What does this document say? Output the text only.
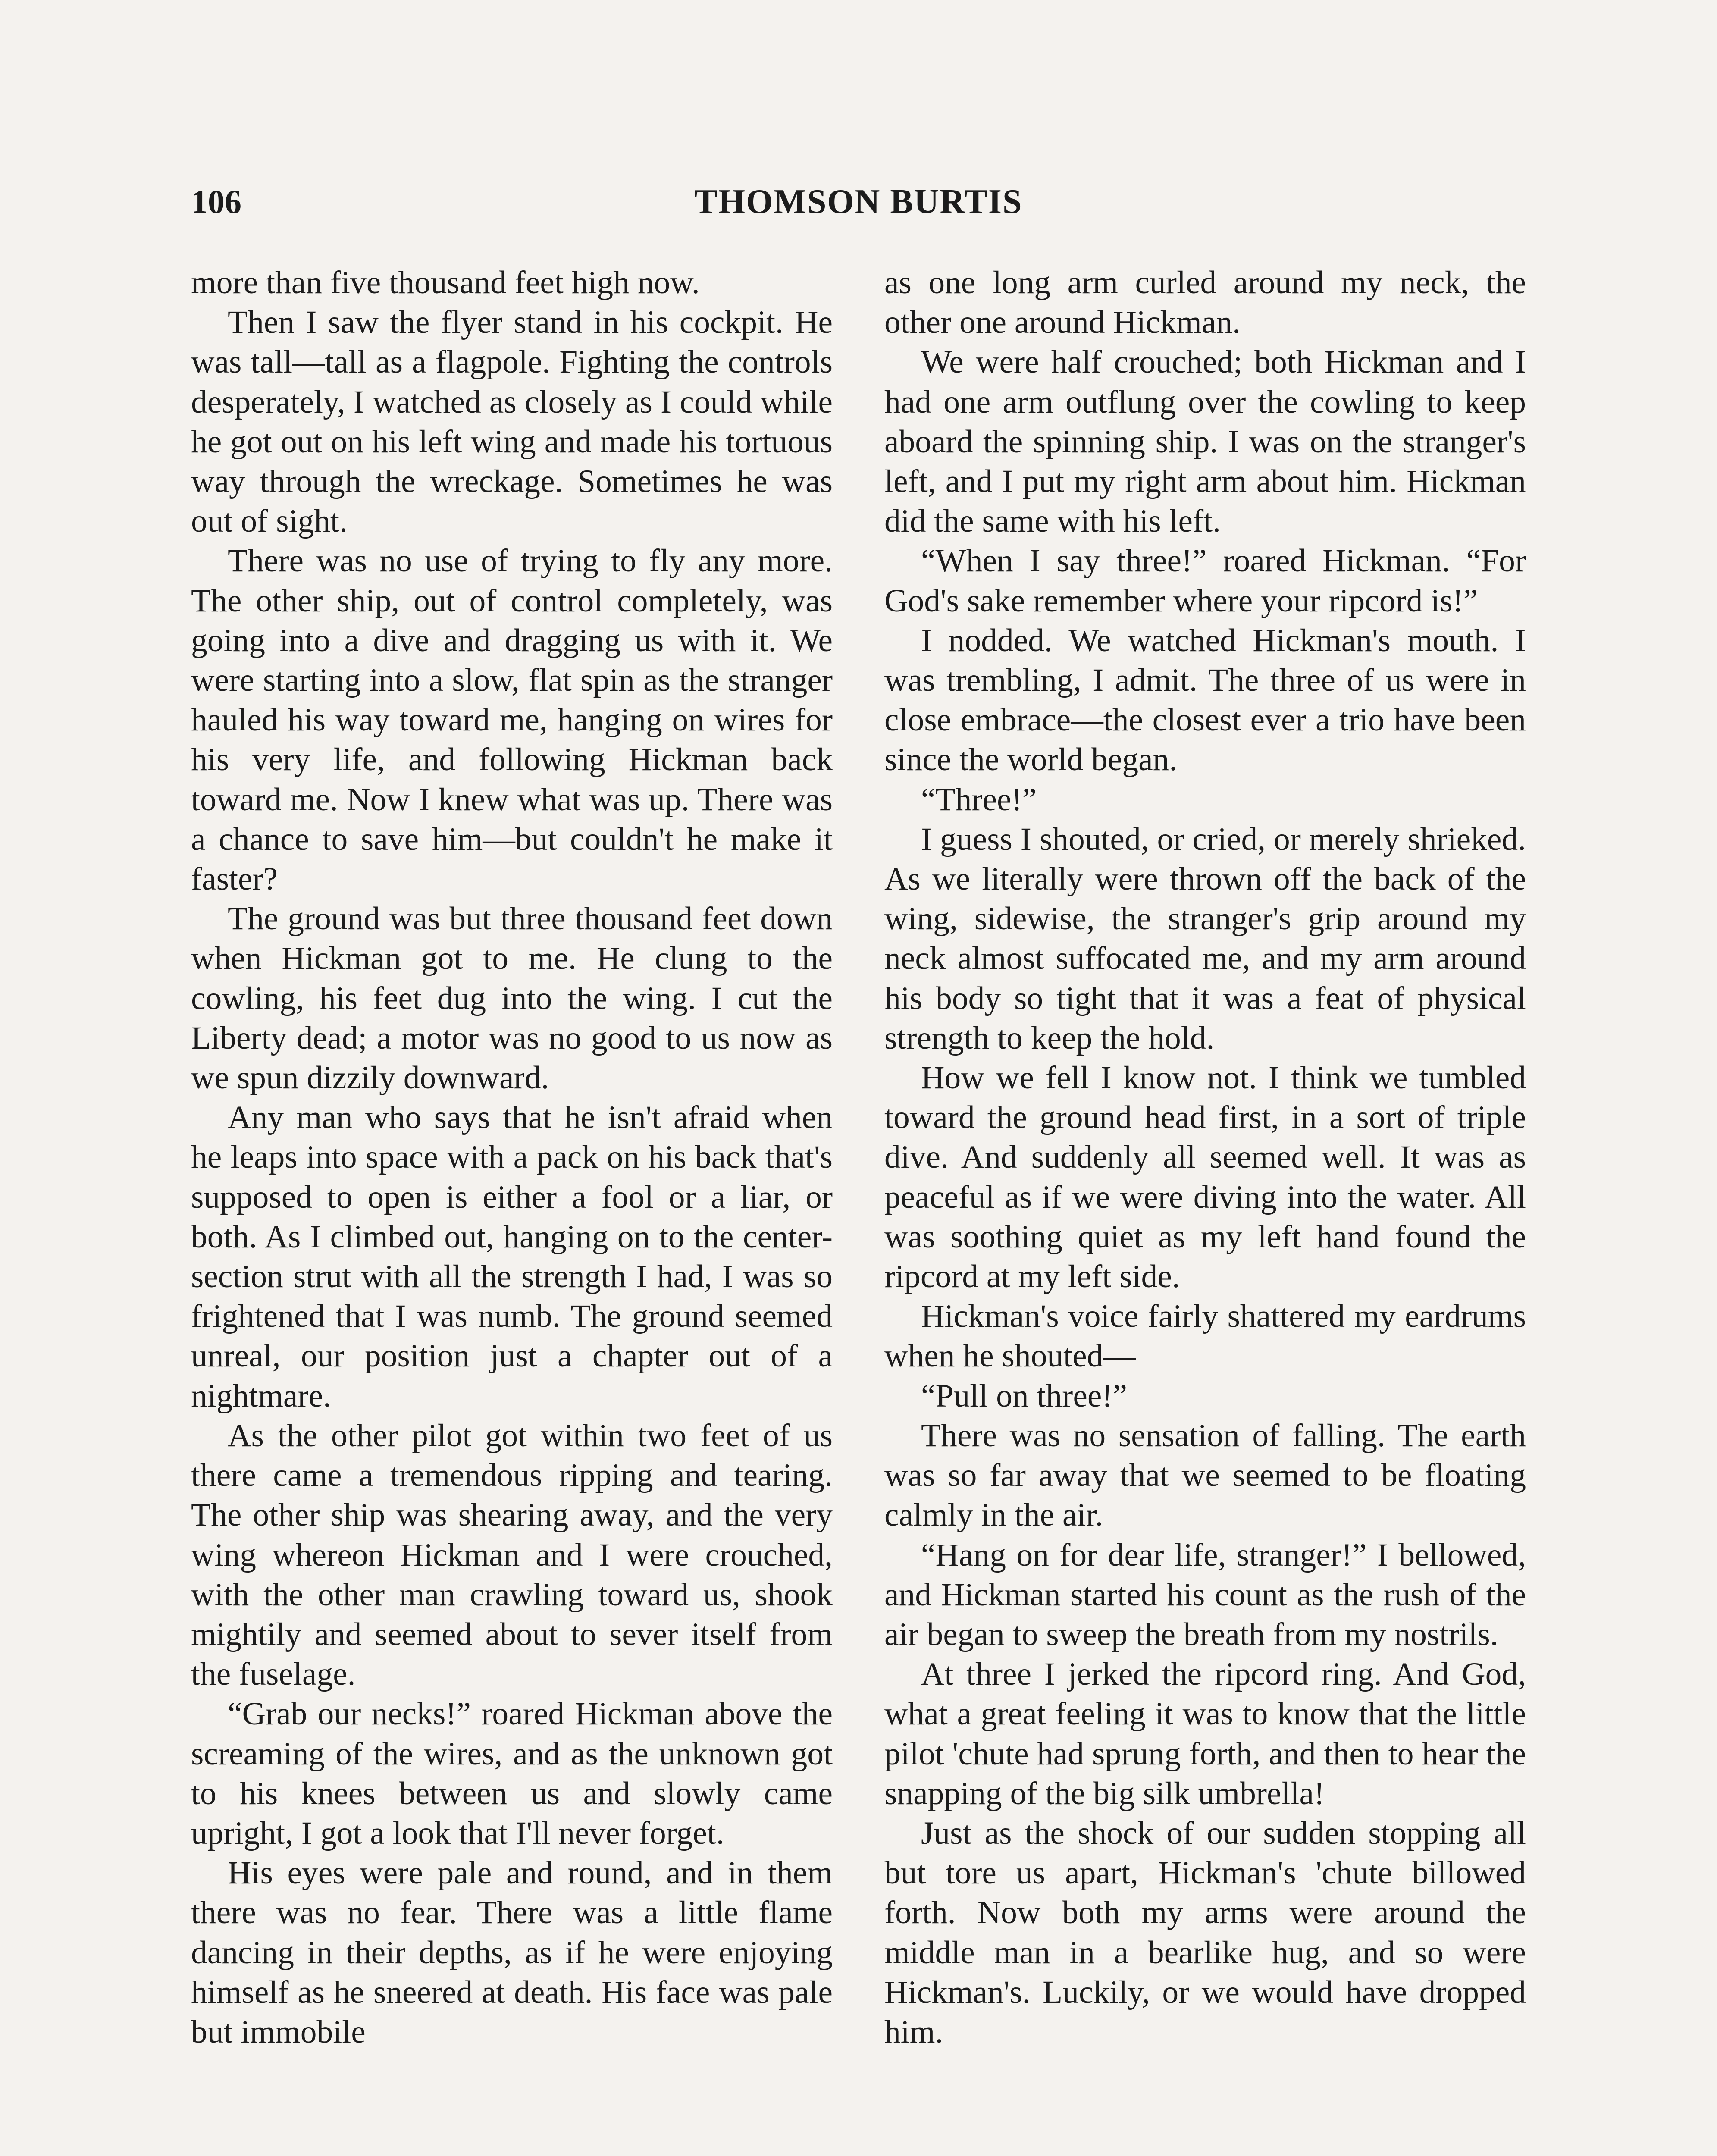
106	THOMSON BURTIS

more than five thousand feet high now.

Then I saw the flyer stand in his cockpit. He was tall—tall as a flagpole. Fighting the controls desperately, I watched as closely as I could while he got out on his left wing and made his tortuous way through the wreckage. Sometimes he was out of sight.

There was no use of trying to fly any more. The other ship, out of control completely, was going into a dive and dragging us with it. We were starting into a slow, flat spin as the stranger hauled his way toward me, hanging on wires for his very life, and following Hickman back toward me. Now I knew what was up. There was a chance to save him—but couldn't he make it faster?

The ground was but three thousand feet down when Hickman got to me. He clung to the cowling, his feet dug into the wing. I cut the Liberty dead; a motor was no good to us now as we spun dizzily downward.

Any man who says that he isn't afraid when he leaps into space with a pack on his back that's supposed to open is either a fool or a liar, or both. As I climbed out, hanging on to the center-section strut with all the strength I had, I was so frightened that I was numb. The ground seemed unreal, our position just a chapter out of a nightmare.

As the other pilot got within two feet of us there came a tremendous ripping and tearing. The other ship was shearing away, and the very wing whereon Hickman and I were crouched, with the other man crawling toward us, shook mightily and seemed about to sever itself from the fuselage.

“Grab our necks!” roared Hickman above the screaming of the wires, and as the unknown got to his knees between us and slowly came upright, I got a look that I'll never forget.

His eyes were pale and round, and in them there was no fear. There was a little flame dancing in their depths, as if he were enjoying himself as he sneered at death. His face was pale but immobile

as one long arm curled around my neck, the other one around Hickman.

We were half crouched; both Hickman and I had one arm outflung over the cowling to keep aboard the spinning ship. I was on the stranger's left, and I put my right arm about him. Hickman did the same with his left.

“When I say three!” roared Hickman. “For God's sake remember where your ripcord is!”

I nodded. We watched Hickman's mouth. I was trembling, I admit. The three of us were in close embrace—the closest ever a trio have been since the world began.

“Three!”

I guess I shouted, or cried, or merely shrieked. As we literally were thrown off the back of the wing, sidewise, the stranger's grip around my neck almost suffocated me, and my arm around his body so tight that it was a feat of physical strength to keep the hold.

How we fell I know not. I think we tumbled toward the ground head first, in a sort of triple dive. And suddenly all seemed well. It was as peaceful as if we were diving into the water. All was soothing quiet as my left hand found the ripcord at my left side.

Hickman's voice fairly shattered my eardrums when he shouted—

“Pull on three!”

There was no sensation of falling. The earth was so far away that we seemed to be floating calmly in the air.

“Hang on for dear life, stranger!” I bellowed, and Hickman started his count as the rush of the air began to sweep the breath from my nostrils.

At three I jerked the ripcord ring. And God, what a great feeling it was to know that the little pilot 'chute had sprung forth, and then to hear the snapping of the big silk umbrella!

Just as the shock of our sudden stopping all but tore us apart, Hickman's 'chute billowed forth. Now both my arms were around the middle man in a bearlike hug, and so were Hickman's. Luckily, or we would have dropped him.
